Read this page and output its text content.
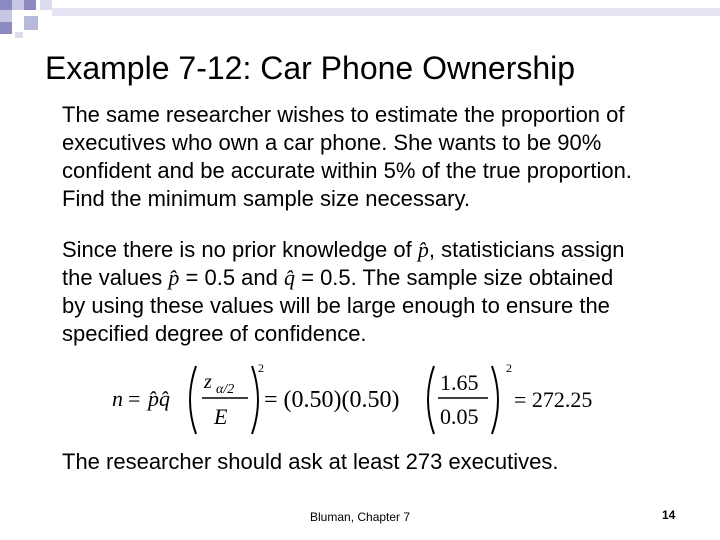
Example 7-12: Car Phone Ownership
The same researcher wishes to estimate the proportion of
executives who own a car phone. She wants to be 90%
confident and be accurate within 5% of the true proportion.
Find the minimum sample size necessary.
Since there is no prior knowledge of p̂, statisticians assign
the values p̂ = 0.5 and q̂ = 0.5. The sample size obtained
by using these values will be large enough to ensure the
specified degree of confidence.
n = p̂q̂
z α/2
E
2
= (0.50)(0.50)
1.65
0.05
2
= 272.25
The researcher should ask at least 273 executives.
Bluman, Chapter 7	14
